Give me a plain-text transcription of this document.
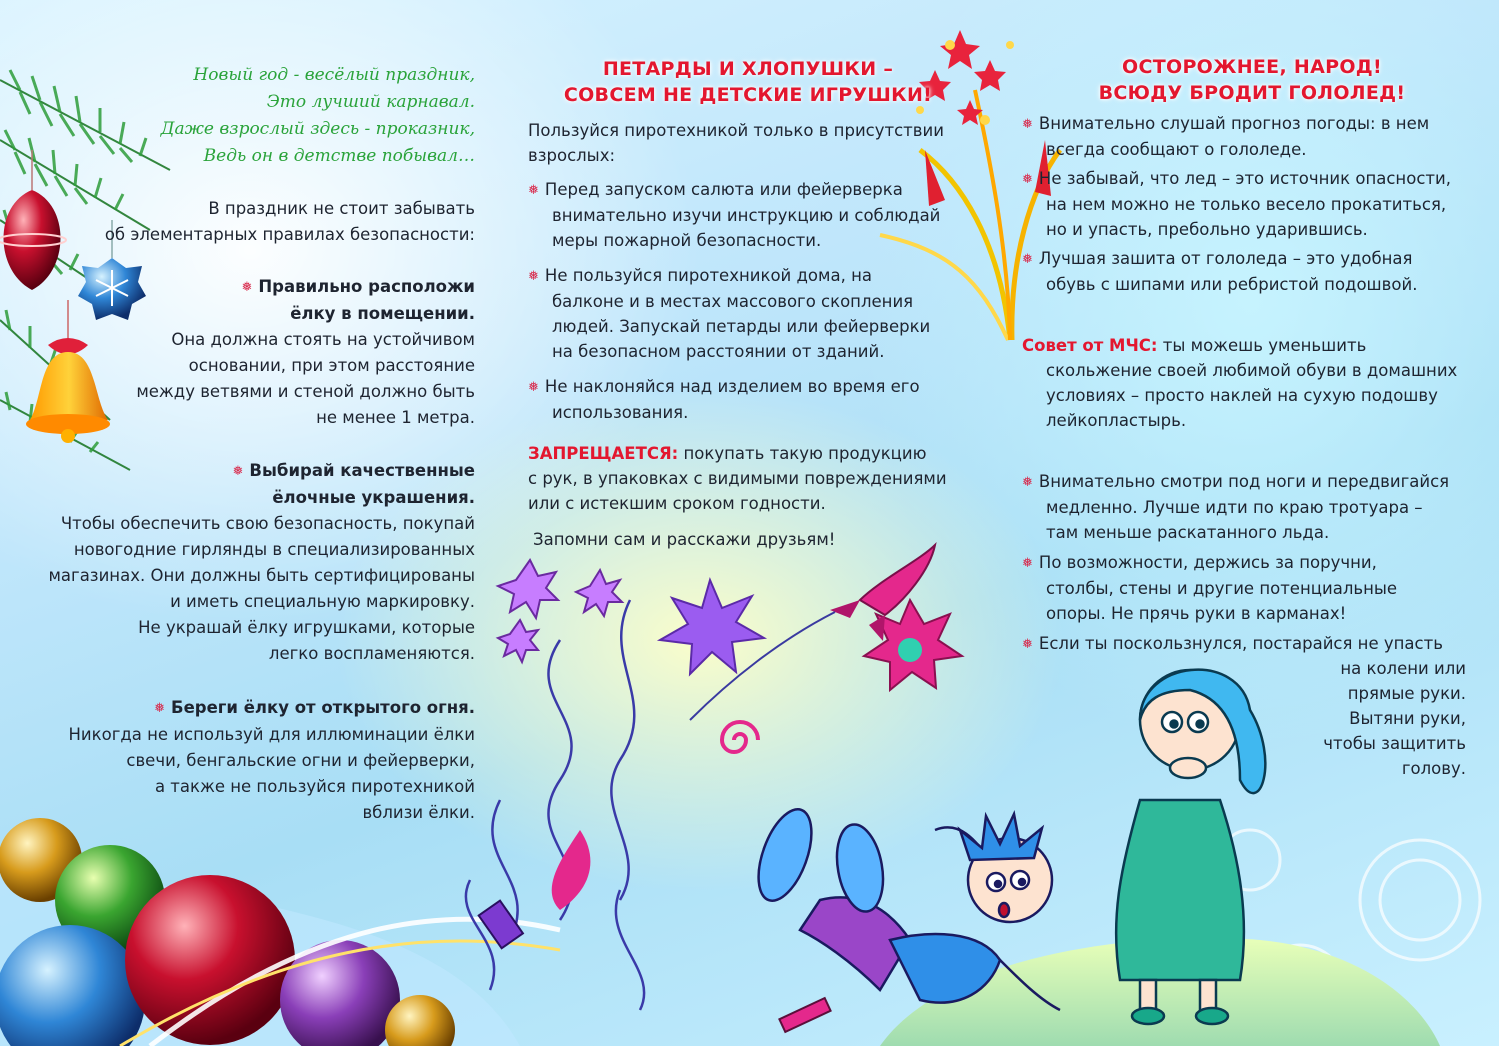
Новый год - весёлый праздник,
Это лучший карнавал.
Даже взрослый здесь - проказник,
Ведь он в детстве побывал…
В праздник не стоит забывать
об элементарных правилах безопасности:
❅ Правильно расположи
ёлку в помещении.
Она должна стоять на устойчивом
основании, при этом расстояние
между ветвями и стеной должно быть
не менее 1 метра.
❅ Выбирай качественные
ёлочные украшения.
Чтобы обеспечить свою безопасность, покупай
новогодние гирлянды в специализированных
магазинах. Они должны быть сертифицированы
и иметь специальную маркировку.
Не украшай ёлку игрушками, которые
легко воспламеняются.
❅ Береги ёлку от открытого огня.
Никогда не используй для иллюминации ёлки
свечи, бенгальские огни и фейерверки,
а также не пользуйся пиротехникой
вблизи ёлки.
ПЕТАРДЫ И ХЛОПУШКИ –
СОВСЕМ НЕ ДЕТСКИЕ ИГРУШКИ!
Пользуйся пиротехникой только в присутствии
взрослых:
❅ Перед запуском салюта или фейерверка
внимательно изучи инструкцию и соблюдай
меры пожарной безопасности.
❅ Не пользуйся пиротехникой дома, на
балконе и в местах массового скопления
людей. Запускай петарды или фейерверки
на безопасном расстоянии от зданий.
❅ Не наклоняйся над изделием во время его
использования.
ЗАПРЕЩАЕТСЯ: покупать такую продукцию
с рук, в упаковках с видимыми повреждениями
или с истекшим сроком годности.
Запомни сам и расскажи друзьям!
ОСТОРОЖНЕЕ, НАРОД!
ВСЮДУ БРОДИТ ГОЛОЛЕД!
❅ Внимательно слушай прогноз погоды: в нем
всегда сообщают о гололеде.
❅ Не забывай, что лед – это источник опасности,
на нем можно не только весело прокатиться,
но и упасть, пребольно ударившись.
❅ Лучшая зашита от гололеда – это удобная
обувь с шипами или ребристой подошвой.
Совет от МЧС: ты можешь уменьшить
скольжение своей любимой обуви в домашних
условиях – просто наклей на сухую подошву
лейкопластырь.
❅ Внимательно смотри под ноги и передвигайся
медленно. Лучше идти по краю тротуара –
там меньше раскатанного льда.
❅ По возможности, держись за поручни,
столбы, стены и другие потенциальные
опоры. Не прячь руки в карманах!
❅ Если ты поскользнулся, постарайся не упасть
на колени или
прямые руки.
Вытяни руки,
чтобы защитить
голову.
